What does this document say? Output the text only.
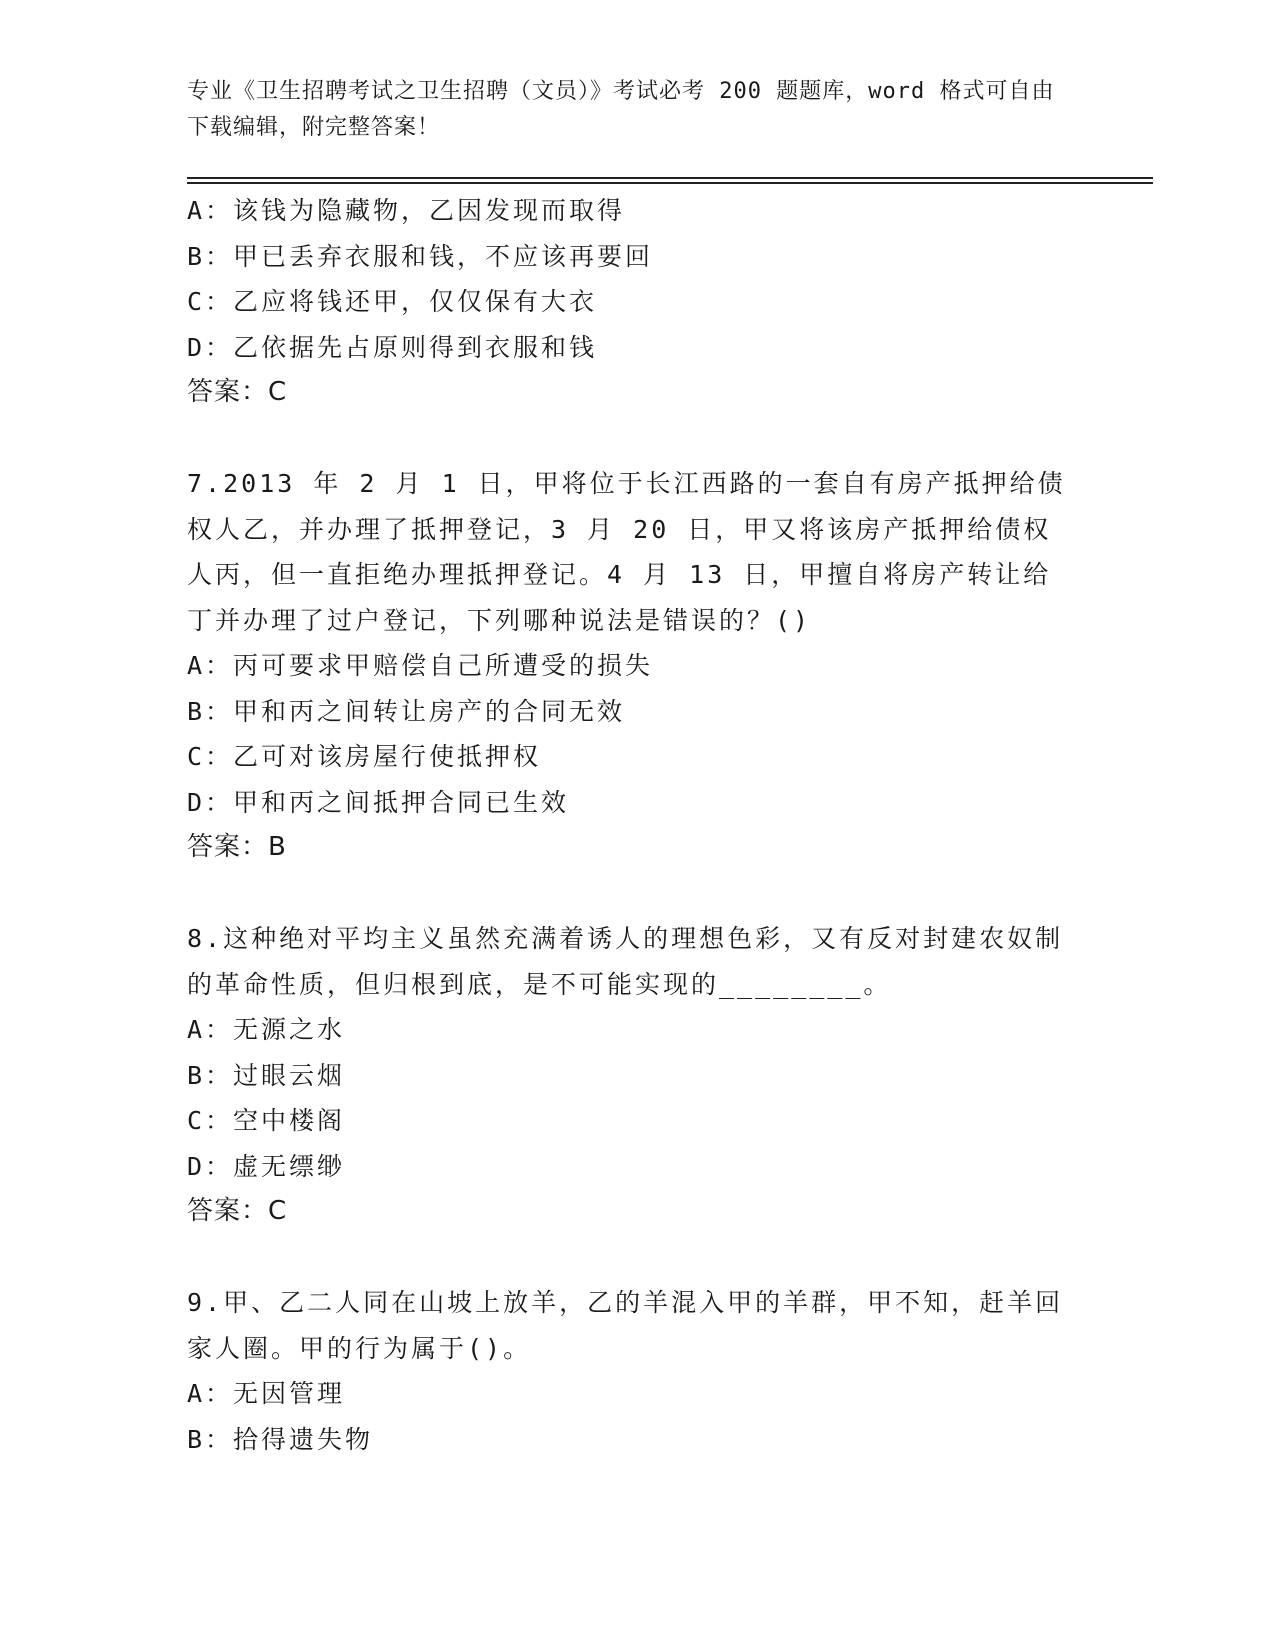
专业《卫生招聘考试之卫生招聘（文员）》考试必考 200 题题库，word 格式可自由下载编辑，附完整答案！
A：该钱为隐藏物，乙因发现而取得
B：甲已丢弃衣服和钱，不应该再要回
C：乙应将钱还甲，仅仅保有大衣
D：乙依据先占原则得到衣服和钱
答案：C
7.2013 年 2 月 1 日，甲将位于长江西路的一套自有房产抵押给债权人乙，并办理了抵押登记，3 月 20 日，甲又将该房产抵押给债权人丙，但一直拒绝办理抵押登记。4 月 13 日，甲擅自将房产转让给丁并办理了过户登记，下列哪种说法是错误的？()
A：丙可要求甲赔偿自己所遭受的损失
B：甲和丙之间转让房产的合同无效
C：乙可对该房屋行使抵押权
D：甲和丙之间抵押合同已生效
答案：B
8.这种绝对平均主义虽然充满着诱人的理想色彩，又有反对封建农奴制的革命性质，但归根到底，是不可能实现的________。
A：无源之水
B：过眼云烟
C：空中楼阁
D：虚无缥缈
答案：C
9.甲、乙二人同在山坡上放羊，乙的羊混入甲的羊群，甲不知，赶羊回家人圈。甲的行为属于()。
A：无因管理
B：拾得遗失物
